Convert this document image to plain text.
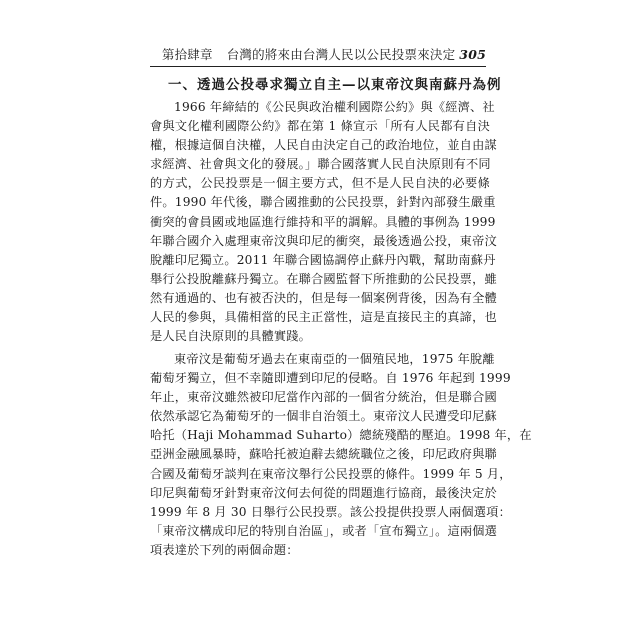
第拾肆章 台灣的將來由台灣人民以公民投票來決定 305
一、透過公投尋求獨立自主—以東帝汶與南蘇丹為例
1966 年締結的《公民與政治權利國際公約》與《經濟、社
會與文化權利國際公約》都在第 1 條宣示「所有人民都有自決
權，根據這個自決權，人民自由決定自己的政治地位，並自由謀
求經濟、社會與文化的發展。」聯合國落實人民自決原則有不同
的方式，公民投票是一個主要方式，但不是人民自決的必要條
件。1990 年代後，聯合國推動的公民投票，針對內部發生嚴重
衝突的會員國或地區進行維持和平的調解。具體的事例為 1999
年聯合國介入處理東帝汶與印尼的衝突，最後透過公投，東帝汶
脫離印尼獨立。2011 年聯合國協調停止蘇丹內戰，幫助南蘇丹
舉行公投脫離蘇丹獨立。在聯合國監督下所推動的公民投票，雖
然有通過的、也有被否決的，但是每一個案例背後，因為有全體
人民的參與，具備相當的民主正當性，這是直接民主的真諦，也
是人民自決原則的具體實踐。
東帝汶是葡萄牙過去在東南亞的一個殖民地，1975 年脫離
葡萄牙獨立，但不幸隨即遭到印尼的侵略。自 1976 年起到 1999
年止，東帝汶雖然被印尼當作內部的一個省分統治，但是聯合國
依然承認它為葡萄牙的一個非自治領土。東帝汶人民遭受印尼蘇
哈托（Haji Mohammad Suharto）總統殘酷的壓迫。1998 年，在
亞洲金融風暴時，蘇哈托被迫辭去總統職位之後，印尼政府與聯
合國及葡萄牙談判在東帝汶舉行公民投票的條件。1999 年 5 月，
印尼與葡萄牙針對東帝汶何去何從的問題進行協商，最後決定於
1999 年 8 月 30 日舉行公民投票。該公投提供投票人兩個選項：
「東帝汶構成印尼的特別自治區」，或者「宣布獨立」。這兩個選
項表達於下列的兩個命題：
